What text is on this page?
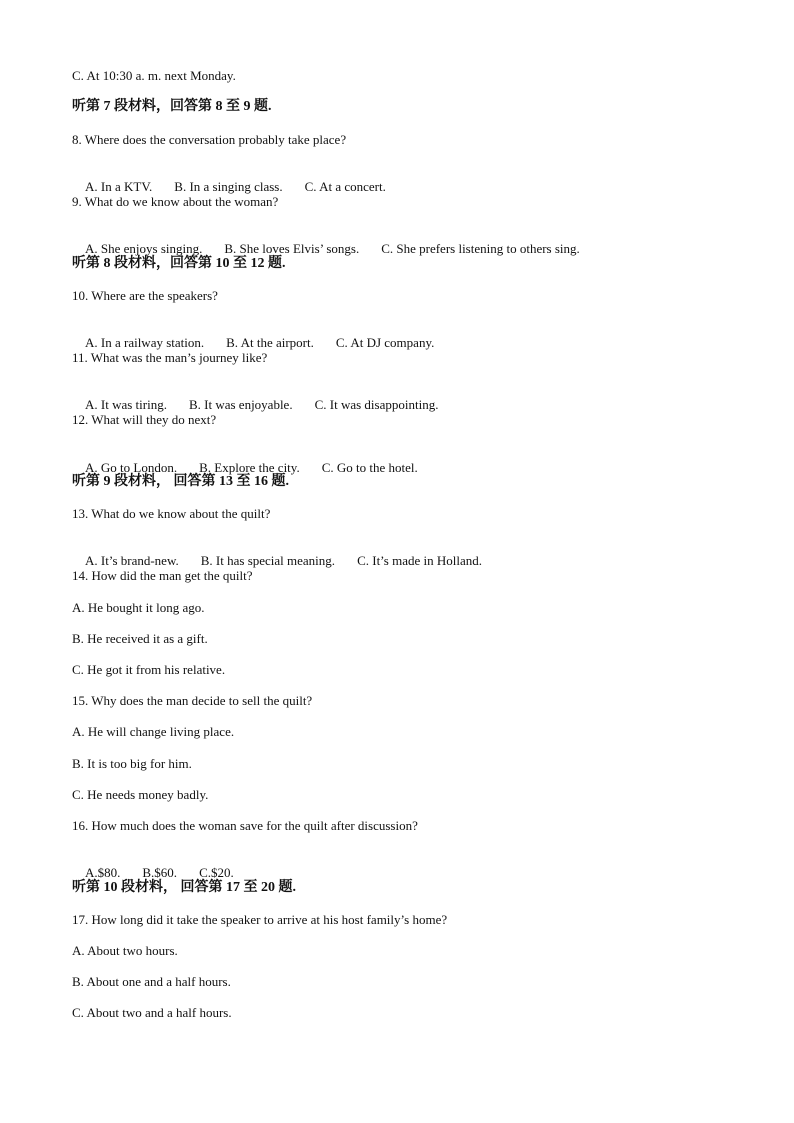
C. At 10:30 a. m. next Monday.
听第 7 段材料，回答第 8 至 9 题.
8. Where does the conversation probably take place?

A. In a KTV. B. In a singing class. C. At a concert.

9. What do we know about the woman?

A. She enjoys singing. B. She loves Elvis’ songs. C. She prefers listening to others sing.

听第 8 段材料，回答第 10 至 12 题.
10. Where are the speakers?

A. In a railway station. B. At the airport. C. At DJ company.

11. What was the man’s journey like?

A. It was tiring. B. It was enjoyable. C. It was disappointing.

12. What will they do next?

A. Go to London. B. Explore the city. C. Go to the hotel.

听第 9 段材料， 回答第 13 至 16 题.
13. What do we know about the quilt?

A. It’s brand-new. B. It has special meaning. C. It’s made in Holland.

14. How did the man get the quilt?
A. He bought it long ago.
B. He received it as a gift.
C. He got it from his relative.
15. Why does the man decide to sell the quilt?
A. He will change living place.
B. It is too big for him.
C. He needs money badly.
16. How much does the woman save for the quilt after discussion?

A.$80. B.$60. C.$20.

听第 10 段材料， 回答第 17 至 20 题.
17. How long did it take the speaker to arrive at his host family’s home?
A. About two hours.
B. About one and a half hours.
C. About two and a half hours.
